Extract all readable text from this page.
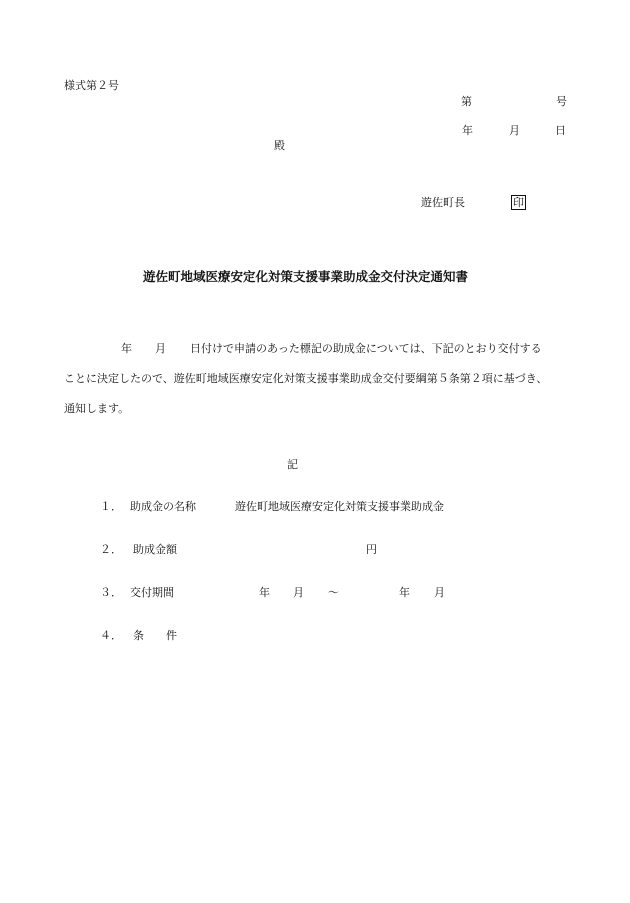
様式第２号
第	号
年	月	日
殿
遊佐町長	印
遊佐町地域医療安定化対策支援事業助成金交付決定通知書
年 月 日付けで申請のあった標記の助成金については、下記のとおり交付する
ことに決定したので、遊佐町地域医療安定化対策支援事業助成金交付要綱第５条第２項に基づき、
通知します。
記
１． 助成金の名称	遊佐町地域医療安定化対策支援事業助成金
２． 助成金額	円
３． 交付期間	年 月 ～	年 月
４． 条　　件
